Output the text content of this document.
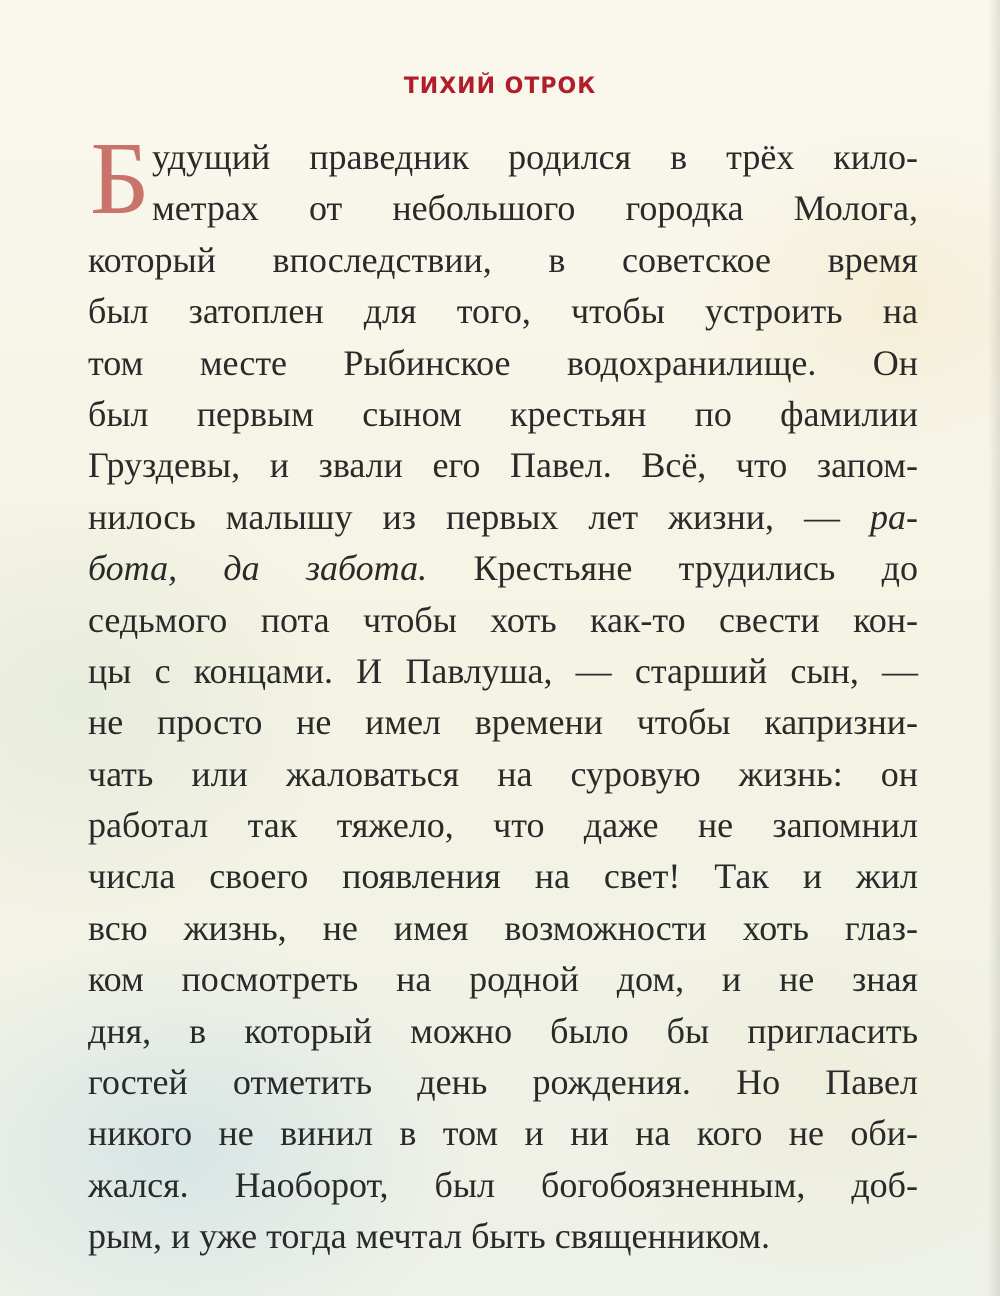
ТИХИЙ ОТРОК
Б удущий праведник родился в трёх кило-
метрах от небольшого городка Молога,
который впоследствии, в советское время
был затоплен для того, чтобы устроить на
том месте Рыбинское водохранилище. Он
был первым сыном крестьян по фамилии
Груздевы, и звали его Павел. Всё, что запом-
нилось малышу из первых лет жизни, — ра-
бота, да забота. Крестьяне трудились до
седьмого пота чтобы хоть как-то свести кон-
цы с концами. И Павлуша, — старший сын, —
не просто не имел времени чтобы капризни-
чать или жаловаться на суровую жизнь: он
работал так тяжело, что даже не запомнил
числа своего появления на свет! Так и жил
всю жизнь, не имея возможности хоть глаз-
ком посмотреть на родной дом, и не зная
дня, в который можно было бы пригласить
гостей отметить день рождения. Но Павел
никого не винил в том и ни на кого не оби-
жался. Наоборот, был богобоязненным, доб-
рым, и уже тогда мечтал быть священником.
